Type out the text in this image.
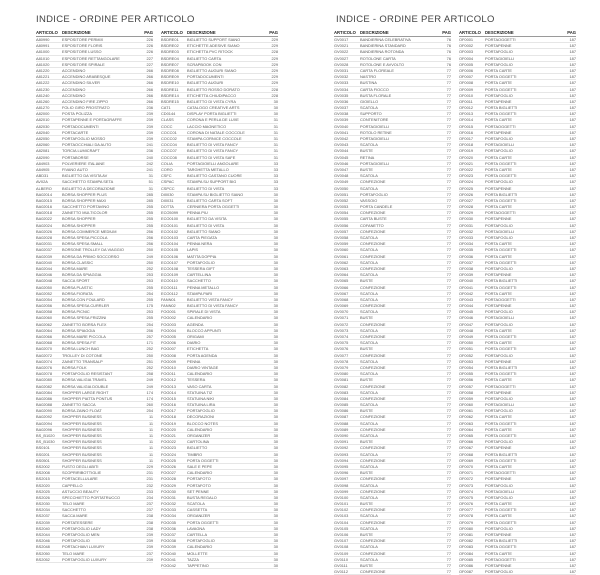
INDICE - ORDINE PER ARTICOLO
ARTICOLO DESCRIZIONE	PAG
A80990	ESPOSITORE PERMIX	226
A80991	ESPOSITORE FLORIS	226
A81000	ESPOSITORE LUSSO	226
A81010	ESPOSITORE RETTANGOLARE	227
A81020	ESPOSITORE SPIRALE	227
A81220	ACCENDINO	266
A81221	ACCENDINO ARABESQUE	266
A81222	ACCENDINO SILVER	266
A81230	ACCENDINO	266
A81240	ACCENDINO	266
A81260	ACCENDINO FIRE ZIPPO	266
A81270	FOLIO GIRO PROSTRATO	236
A82000	POSTA POLIZZA	239
A82010	PORTAPENNE E PORTAGRAFFE	239
A82030	PORTADOCUMENTI	239
A82040	PORTACARTE	239
A82050	PORTAFOGLIO MOSSO	239
A82060	PORTAOCCHIALI DA AUTO	241
A82081	TORCIA LUMICRAFT	236
A82090	PORTABORSE	240
A84903	POLVERIERE ITALIANE	242
A84905	FIVANO AUTO	241
ABD31	BIGLIETTO DA VISITA AV	31
AV02A	SACCHETTO STAMPA SETA	51
ALBERO	BIGLIETTO A DECORAZIONE	31
BA02014	BORSA SHOPPER PLUS	285
BA02015	BORSA SHOPPER MAXI	285
BA02016	SACCHETTO PORTAVINO	255
BA02018	ZAINETTO MULTICOLOR	255
BA02022	BORSA SHOPPER	255
BA02024	BORSA SHOPPER	255
BA02026	BORSA COMMERCE MEDIUM	256
BA02028	BORSA SPESA PICCOLA	256
BA02031	BORSA SPESA SMALL	256
BA02037	BORSONE TROLLEY DA VIAGGIO	250
BA02039	BORSA DA PRIMO SOCCORSO	249
BA02040	BORSA CLASSIC	250
BA02044	BORSA MARE	252
BA02046	BORSA DA SPIAGGIA	253
BA02048	SACCA SPORT	253
BA02050	BORSA PLASTIC	255
BA02052	BORSA FIORATA	254
BA02054	BORSA CON FOULARD	255
BA02056	BORSA SPESA CURRLER	175
BA02058	BORSA PICNIC	253
BA02060	BORSA SPESA FRIZZINI	255
BA02062	ZAINETTO BORSA FLEX	254
BA02064	BORSA SPIAGGIA	256
BA02066	BORSA MARE PICCOLA	257
BA02068	BORSA SPESA FIT	171
BA02070	BORSA LUNCH BAG	252
BA02072	TROLLEY DI COTONE	250
BA02074	ZAINETTO TRANSALP	251
BA02076	BORSA FOLK	252
BA02078	PORTAFOGLIO RESISTANT	258
BA02080	BORSA VALIGIA TRAVEL	249
BA02082	BORSA VALIGIA DOUBLE	249
BA02084	SHOPPER LARGE RIGHT	174
BA02086	SHOPPER PIATTA PONTUS	174
BA02088	ZAINETTO SACCA	260
BA02090	BORSA ZAINO FLOAT	254
BA02092	SHOPPER BUSINESS	11
BA02094	SHOPPER BUSINESS	11
BA02096	SHOPPER BUSINESS	11
BS_B1020	SHOPPER BUSINESS	11
BS_B1030	SHOPPER BUSINESS	11
BS0101	SHOPPER BUSINESS	11
BS0201	SHOPPER BUSINESS	11
BS0501	SHOPPER BUSINESS	11
BS2002	FUSTO DEGLI ABITI	229
BS2008	SCOPRIRIBOTTIGLIE	231
BS2015	PORTACELLULARE	231
BS2020	CAPPELLO	232
BS2025	ASTUCCIO BEAUTY	233
BS2026	SPECCHIETTO PORTATRUCCO	234
BS2030	TELO MARE	237
BS2034	SACCHETTO	237
BS2037	SACCA MARE	238
BS2039	PORTATESSERE	238
BS2040	PORTAFOGLIO LADY	238
BS2044	PORTAFOGLIO MEN	239
BS2046	PORTAFOGLIO	239
BS2048	PORTACHIAVI LUXURY	239
BS2050	TELO MARE	237
BS2052	PORTAFOGLIO LUXURY	239
ARTICOLO DESCRIZIONE	PAG
BSDRE01	BIGLIETTO SUPPORT SIANO	229
BSDRE02	ETICHETTE ADESIVE SIANO	229
BSDRE03	ETICHETTA PVC RITOCK	228
BSDRE04	BIGLIETTO CARTA	229
BSDRE07	SCRAPBOOK CON	229
BSDRE08	BIGLIETTO AUGURI SIANO	229
BSDRE09	PORTADOCUMENTI	229
BSDRE10	BIGLIETTO AUGURI	229
BSDRE11	BIGLIETTO ROSSO DORATO	228
BSDRE14	ETICHETTA CHIUDIPACCO	228
BSDRE15	BIGLIETTO DI VISTA CYRA	30
CAT1	CATALOGO CREATIVE ARTS	30
CD0144	DISPLAY PORTA BIGLIETTI	30
CLASS	CORONA E PERLA DE LUXE	31
COCC	LACCIO MAGNETICO	31
COCC01	CORONA DI NATALE COCCOLE	31
COCC02	STAMPA CORNICE COCCOLE	31
COCC04	BIGLIETTO DI VISTA FANCY	31
COCC07	BIGLIETTO DI VISTA FANCY	31
COCC08	BIGLIETTO DI VISTA SAFE	31
COLIA	PORTAGIOIELLI ANGOLARE	33
CORO	TARGHETTA METALLO	33
CSFC	BIGLIETTO CASTANO CUORE	33
CSPAC	STAMPA SU SUPPORT BIG	33
CSPCC	BIGLIETTO DI VISTA	33
DI0030	STAMPA SU BIGLIETTO SIANO	30
DI0031	BIGLIETTO CARTA SOFT	30
DOTTA	CERNIERA PORTA OGGETTI	30
ECO5099	PENNA PIU	30
ECO0100	BIGLIETTO DA VISITA	30
ECO0101	BIGLIETTO DI VISTA	30
ECO0102	BIGLIETTO SIANO	30
ECO0103	CARTA PIEGATA	30
ECO0104	PENNA NERA	30
ECO0105	LAPIS	30
ECO0106	MATITA DOPPIA	30
ECO0107	PORTAFOGLIO	30
ECO0108	TESSERA GIFT	30
ECO0109	CARTELLINA	30
ECO0110	SACCHETTO	30
ECO0111	PENNA METALLO	30
ECO0112	STAMPA PARI	30
FANN01	BIGLIETTO VISTA FANCY	30
FANN02	BIGLIETTO DI VISTA FANCY	30
FOG001	SPIRALE DI VISTA	30
FOG002	CALENDARIO	30
FOG003	AGENDA	30
FOG004	BLOCCO APPUNTI	30
FOG005	ORIGAMI	30
FOG006	DIARIO	30
FOG007	ETICHETTA	30
FOG008	PORTA AGENDA	30
FOG009	PENNA	30
FOG010	DIARIO VINTAGE	30
FOG011	CALENDARIO	30
FOG012	TESSERA	30
FOG013	VASO CARTA	30
FOG014	STATUINA TIZ	30
FOG015	STATUINA NIKI	30
FOG016	STATUINA LIRA	30
FOG017	PORTAFOGLIO	30
FOG018	DECORAZIONI	30
FOG019	BLOCCO NOTES	30
FOG020	CALENDARIO	30
FOG021	ORGANIZER	30
FOG022	CARTOLINA	30
FOG023	BIGLIETTO	30
FOG024	TIMBRO	30
FOG025	PORTA OGGETTI	30
FOG026	SALE E PEPE	30
FOG027	CALENDARIO	30
FOG028	PORTAFOTO	30
FOG029	PORTAFOTO	30
FOG030	SET PENNE	30
FOG031	BUSTA REGALO	30
FOG032	SCATOLA	30
FOG033	CASSETTA	30
FOG034	ORGANIZER	30
FOG035	PORTA OGGETTI	30
FOG036	LAVAGNA	30
FOG037	CARTELLA	30
FOG038	PORTAFOGLIO	30
FOG039	CALENDARIO	30
FOG040	MOLLETTE	30
FOG041	TAZZA	30
FOG042	TAPPETINO	30
INDICE - ORDINE PER ARTICOLO
ARTICOLO DESCRIZIONE	PAG
GV0017	BANDIERINA CELEBRATIVA	76
GV0021	BANDIERINA STANDARD	76
GV0022	BANDIERINA ROTONDA	76
GV0027	ROTOLONE CARTA	76
GV0028	ROTOLONE E AVVOLTO	76
GV0031	CARTA FLOREALE	77
GV0032	NASTRO	77
GV0033	BUSTINA	77
GV0034	CARTA FIOCCO	77
GV0035	BUSTA FLORALE	77
GV0036	GIOIELLO	77
GV0037	SCATOLA	77
GV0038	SUPPORTO	77
GV0039	CONTENITORE	77
GV0040	PORTAGIOIELLI	77
GV0041	ROTOLO RETINE	77
GV0042	PORTAGIOIELLI	77
GV0043	SCATOLA	77
GV0044	BUSTE	77
GV0045	RETINA	77
GV0046	PORTAGIOIELLI	77
GV0047	BUSTE	77
GV0048	SCATOLA	77
GV0049	CONFEZIONE	77
GV0050	SCATOLA	77
GV0051	PORTAFOGLIO	77
GV0052	VASSOIO	77
GV0053	PORTA CANDELE	77
GV0054	CONFEZIONE	77
GV0055	CARTA BUSTE	77
GV0056	COFANETTO	77
GV0057	CONFEZIONE	77
GV0058	SCATOLA	77
GV0059	CONFEZIONE	77
GV0060	SCATOLA	77
GV0061	CONFEZIONE	77
GV0062	SCATOLA	77
GV0063	CONFEZIONE	77
GV0064	SCATOLA	77
GV0065	BUSTE	77
GV0066	CONFEZIONE	77
GV0067	SCATOLA	77
GV0068	SCATOLA	77
GV0069	CONFEZIONE	77
GV0070	SCATOLA	77
GV0071	BUSTE	77
GV0072	CONFEZIONE	77
GV0073	SCATOLA	77
GV0074	CONFEZIONE	77
GV0075	SCATOLA	77
GV0076	BUSTE	77
GV0077	CONFEZIONE	77
GV0078	SCATOLA	77
GV0079	CONFEZIONE	77
GV0080	SCATOLA	77
GV0081	BUSTE	77
GV0082	CONFEZIONE	77
GV0083	SCATOLA	77
GV0084	CONFEZIONE	77
GV0085	SCATOLA	77
GV0086	BUSTE	77
GV0087	CONFEZIONE	77
GV0088	SCATOLA	77
GV0089	CONFEZIONE	77
GV0090	SCATOLA	77
GV0091	BUSTE	77
GV0092	CONFEZIONE	77
GV0093	SCATOLA	77
GV0094	CONFEZIONE	77
GV0095	SCATOLA	77
GV0096	BUSTE	77
GV0097	CONFEZIONE	77
GV0098	SCATOLA	77
GV0099	CONFEZIONE	77
GV0100	SCATOLA	77
GV0101	BUSTE	77
GV0102	CONFEZIONE	77
GV0103	SCATOLA	77
GV0104	CONFEZIONE	77
GV0105	SCATOLA	77
GV0106	BUSTE	77
GV0107	CONFEZIONE	77
GV0108	SCATOLA	77
GV0109	CONFEZIONE	77
GV0110	SCATOLA	77
GV0111	BUSTE	77
GV0112	CONFEZIONE	77
ARTICOLO DESCRIZIONE	PAG
OF0001	PORTAOGGETTI	187
OF0002	PORTAPENNE	187
OF0003	PORTAFOGLIO	187
OF0004	PORTAGIOIELLI	187
OF0005	PORTAFOGLIO	187
OF0006	PORTA CARTE	187
OF0007	PORTA OGGETTI	187
OF0008	PORTA CARTE	187
OF0009	PORTA OGGETTI	187
OF0010	PORTAFOGLIO	187
OF0011	PORTAPENNE	187
OF0012	PORTA BIGLIETTI	187
OF0013	PORTA OGGETTI	187
OF0014	PORTA CARTE	187
OF0015	PORTAOGGETTI	187
OF0016	PORTAPENNE	187
OF0017	PORTAFOGLIO	187
OF0018	PORTAGIOIELLI	187
OF0019	PORTAFOGLIO	187
OF0020	PORTA CARTE	187
OF0021	PORTA OGGETTI	187
OF0022	PORTA CARTE	187
OF0023	PORTA OGGETTI	187
OF0024	PORTAFOGLIO	187
OF0025	PORTAPENNE	187
OF0026	PORTA BIGLIETTI	187
OF0027	PORTA OGGETTI	187
OF0028	PORTA CARTE	187
OF0029	PORTAOGGETTI	187
OF0030	PORTAPENNE	187
OF0031	PORTAFOGLIO	187
OF0032	PORTAGIOIELLI	187
OF0033	PORTAFOGLIO	187
OF0034	PORTA CARTE	187
OF0035	PORTA OGGETTI	187
OF0036	PORTA CARTE	187
OF0037	PORTA OGGETTI	187
OF0038	PORTAFOGLIO	187
OF0039	PORTAPENNE	187
OF0040	PORTA BIGLIETTI	187
OF0041	PORTA OGGETTI	187
OF0042	PORTA CARTE	187
OF0043	PORTAOGGETTI	187
OF0044	PORTAPENNE	187
OF0045	PORTAFOGLIO	187
OF0046	PORTAGIOIELLI	187
OF0047	PORTAFOGLIO	187
OF0048	PORTA CARTE	187
OF0049	PORTA OGGETTI	187
OF0050	PORTA CARTE	187
OF0051	PORTA OGGETTI	187
OF0052	PORTAFOGLIO	187
OF0053	PORTAPENNE	187
OF0054	PORTA BIGLIETTI	187
OF0055	PORTA OGGETTI	187
OF0056	PORTA CARTE	187
OF0057	PORTAOGGETTI	187
OF0058	PORTAPENNE	187
OF0059	PORTAFOGLIO	187
OF0060	PORTAGIOIELLI	187
OF0061	PORTAFOGLIO	187
OF0062	PORTA CARTE	187
OF0063	PORTA OGGETTI	187
OF0064	PORTA CARTE	187
OF0065	PORTA OGGETTI	187
OF0066	PORTAFOGLIO	187
OF0067	PORTAPENNE	187
OF0068	PORTA BIGLIETTI	187
OF0069	PORTA OGGETTI	187
OF0070	PORTA CARTE	187
OF0071	PORTAOGGETTI	187
OF0072	PORTAPENNE	187
OF0073	PORTAFOGLIO	187
OF0074	PORTAGIOIELLI	187
OF0075	PORTAFOGLIO	187
OF0076	PORTA CARTE	187
OF0077	PORTA OGGETTI	187
OF0078	PORTA CARTE	187
OF0079	PORTA OGGETTI	187
OF0080	PORTAFOGLIO	187
OF0081	PORTAPENNE	187
OF0082	PORTA BIGLIETTI	187
OF0083	PORTA OGGETTI	187
OF0084	PORTA CARTE	187
OF0085	PORTAOGGETTI	187
OF0086	PORTAPENNE	187
OF0087	PORTAFOGLIO	187
